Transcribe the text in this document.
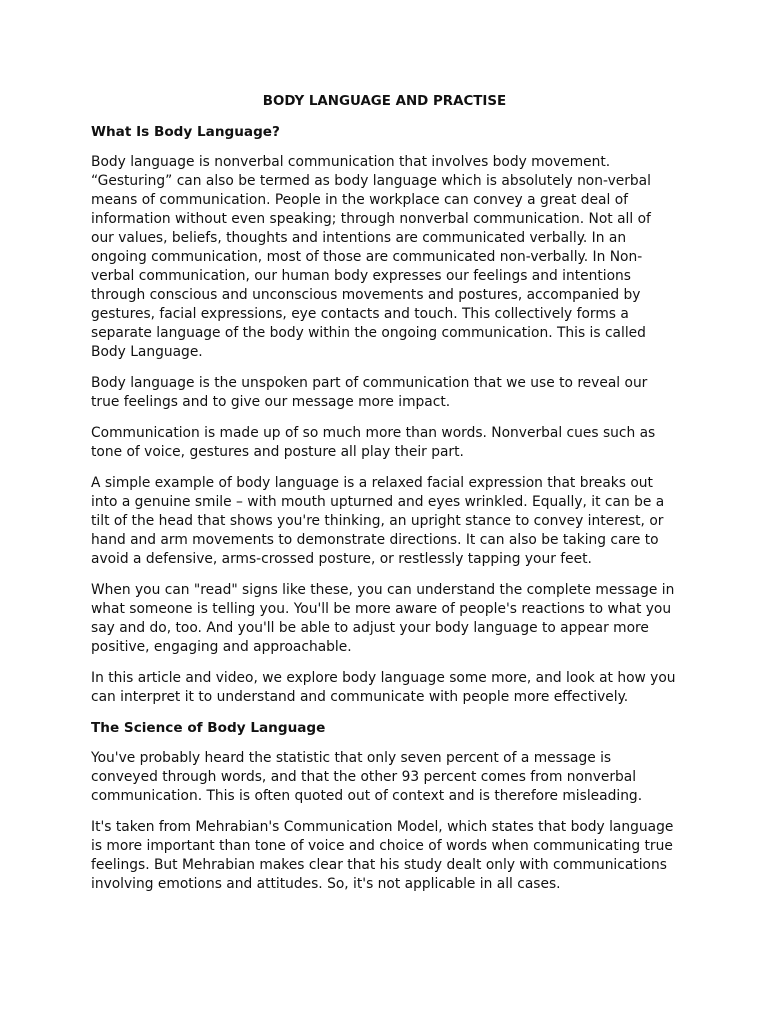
BODY LANGUAGE AND PRACTISE
What Is Body Language?

Body language is nonverbal communication that involves body movement. “Gesturing” can also be termed as body language which is absolutely non-verbal means of communication. People in the workplace can convey a great deal of information without even speaking; through nonverbal communication. Not all of our values, beliefs, thoughts and intentions are communicated verbally. In an ongoing communication, most of those are communicated non-verbally. In Non-verbal communication, our human body expresses our feelings and intentions through conscious and unconscious movements and postures, accompanied by gestures, facial expressions, eye contacts and touch. This collectively forms a separate language of the body within the ongoing communication. This is called Body Language.

Body language is the unspoken part of communication that we use to reveal our true feelings and to give our message more impact.

Communication is made up of so much more than words. Nonverbal cues such as tone of voice, gestures and posture all play their part.

A simple example of body language is a relaxed facial expression that breaks out into a genuine smile – with mouth upturned and eyes wrinkled. Equally, it can be a tilt of the head that shows you're thinking, an upright stance to convey interest, or hand and arm movements to demonstrate directions. It can also be taking care to avoid a defensive, arms-crossed posture, or restlessly tapping your feet.

When you can "read" signs like these, you can understand the complete message in what someone is telling you. You'll be more aware of people's reactions to what you say and do, too. And you'll be able to adjust your body language to appear more positive, engaging and approachable.

In this article and video, we explore body language some more, and look at how you can interpret it to understand and communicate with people more effectively.

The Science of Body Language

You've probably heard the statistic that only seven percent of a message is conveyed through words, and that the other 93 percent comes from nonverbal communication. This is often quoted out of context and is therefore misleading.

It's taken from Mehrabian's Communication Model, which states that body language is more important than tone of voice and choice of words when communicating true feelings. But Mehrabian makes clear that his study dealt only with communications involving emotions and attitudes. So, it's not applicable in all cases.
